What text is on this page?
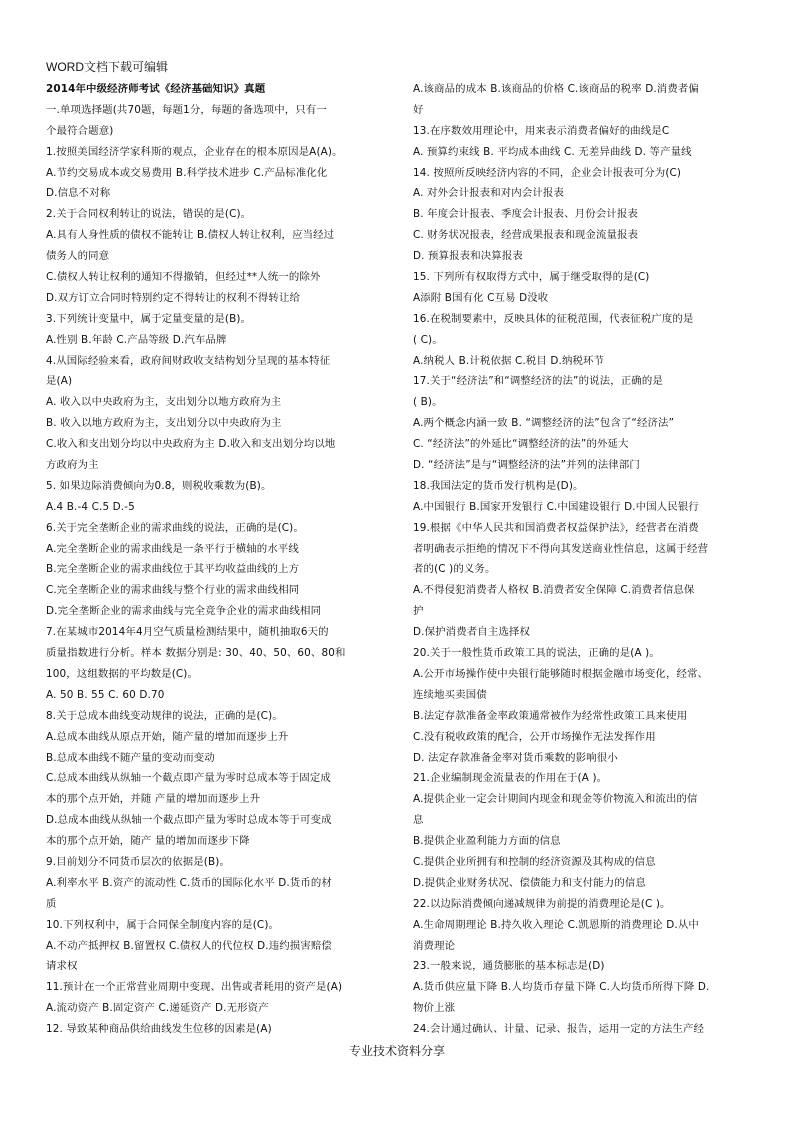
WORD文档下载可编辑
2014年中级经济师考试《经济基础知识》真题
一.单项选择题(共70题，每题1分，每题的备选项中，只有一
个最符合题意)
1.按照美国经济学家科斯的观点，企业存在的根本原因是A(A)。
A.节约交易成本或交易费用 B.科学技术进步 C.产品标准化化
D.信息不对称
2.关于合同权利转让的说法，错误的是(C)。
A.具有人身性质的债权不能转让 B.债权人转让权利，应当经过
债务人的同意
C.债权人转让权利的通知不得撤销，但经过**人统一的除外
D.双方订立合同时特别约定不得转让的权利不得转让给
3.下列统计变量中，属于定量变量的是(B)。
A.性别 B.年龄 C.产品等级 D.汽车品牌
4.从国际经验来看，政府间财政收支结构划分呈现的基本特征
是(A)
A. 收入以中央政府为主，支出划分以地方政府为主
B. 收入以地方政府为主，支出划分以中央政府为主
C.收入和支出划分均以中央政府为主 D.收入和支出划分均以地
方政府为主
5. 如果边际消费倾向为0.8，则税收乘数为(B)。
A.4 B.-4 C.5 D.-5
6.关于完全垄断企业的需求曲线的说法，正确的是(C)。
A.完全垄断企业的需求曲线是一条平行于横轴的水平线
B.完全垄断企业的需求曲线位于其平均收益曲线的上方
C.完全垄断企业的需求曲线与整个行业的需求曲线相同
D.完全垄断企业的需求曲线与完全竞争企业的需求曲线相同
7.在某城市2014年4月空气质量检测结果中，随机抽取6天的
质量指数进行分析。样本 数据分别是: 30、40、50、60、80和
100，这组数据的平均数是(C)。
A. 50 B. 55 C. 60 D.70
8.关于总成本曲线变动规律的说法，正确的是(C)。
A.总成本曲线从原点开始，随产量的增加而逐步上升
B.总成本曲线不随产量的变动而变动
C.总成本曲线从纵轴一个截点即产量为零时总成本等于固定成
本的那个点开始，并随 产量的增加而逐步上升
D.总成本曲线从纵轴一个截点即产量为零时总成本等于可变成
本的那个点开始，随产 量的增加而逐步下降
9.目前划分不同货币层次的依据是(B)。
A.利率水平 B.资产的流动性 C.货币的国际化水平 D.货币的材
质
10.下列权利中，属于合同保全制度内容的是(C)。
A.不动产抵押权 B.留置权 C.债权人的代位权 D.违约损害赔偿
请求权
11.预计在一个正常营业周期中变现、出售或者耗用的资产是(A)
A.流动资产 B.固定资产 C.递延资产 D.无形资产
12. 导致某种商品供给曲线发生位移的因素是(A)
A.该商品的成本 B.该商品的价格 C.该商品的税率 D.消费者偏
好
13.在序数效用理论中，用来表示消费者偏好的曲线是C
A. 预算约束线 B. 平均成本曲线 C. 无差异曲线 D. 等产量线
14. 按照所反映经济内容的不同，企业会计报表可分为(C)
A. 对外会计报表和对内会计报表
B. 年度会计报表、季度会计报表、月份会计报表
C. 财务状况报表，经营成果报表和现金流量报表
D. 预算报表和决算报表
15. 下列所有权取得方式中，属于继受取得的是(C)
A添附 B国有化 C互易 D没收
16.在税制要素中，反映具体的征税范围，代表征税广度的是
( C)。
A.纳税人 B.计税依据 C.税目 D.纳税环节
17.关于“经济法”和“调整经济的法”的说法，正确的是
( B)。
A.两个概念内涵一致 B. “调整经济的法”包含了“经济法”
C. “经济法”的外延比“调整经济的法”的外延大
D. “经济法”是与“调整经济的法”并列的法律部门
18.我国法定的货币发行机构是(D)。
A.中国银行 B.国家开发银行 C.中国建设银行 D.中国人民银行
19.根据《中华人民共和国消费者权益保护法》，经营者在消费
者明确表示拒绝的情况下不得向其发送商业性信息，这属于经营
者的(C )的义务。
A.不得侵犯消费者人格权 B.消费者安全保障 C.消费者信息保
护
D.保护消费者自主选择权
20.关于一般性货币政策工具的说法，正确的是(A )。
A.公开市场操作使中央银行能够随时根据金融市场变化，经常、
连续地买卖国债
B.法定存款准备金率政策通常被作为经常性政策工具来使用
C.没有税收政策的配合，公开市场操作无法发挥作用
D. 法定存款准备金率对货币乘数的影响很小
21.企业编制现金流量表的作用在于(A )。
A.提供企业一定会计期间内现金和现金等价物流入和流出的信
息
B.提供企业盈利能力方面的信息
C.提供企业所拥有和控制的经济资源及其构成的信息
D.提供企业财务状况、偿债能力和支付能力的信息
22.以边际消费倾向递减规律为前提的消费理论是(C )。
A.生命周期理论 B.持久收入理论 C.凯恩斯的消费理论 D.从中
消费理论
23.一般来说，通货膨胀的基本标志是(D)
A.货币供应量下降 B.人均货币存量下降 C.人均货币所得下降 D.
物价上涨
24.会计通过确认、计量、记录、报告，运用一定的方法生产经
专业技术资料分享
